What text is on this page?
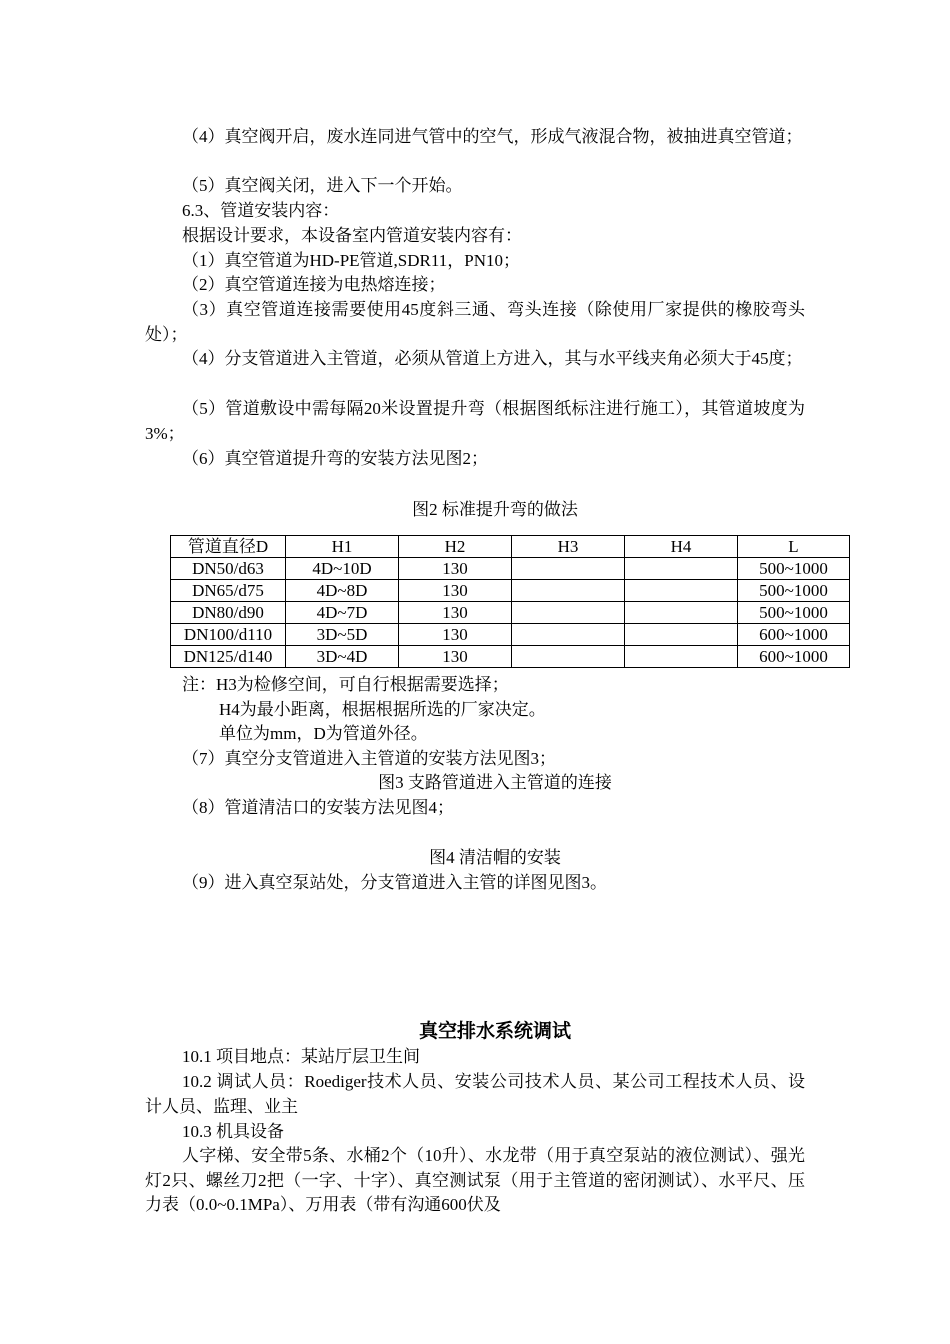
（4）真空阀开启，废水连同进气管中的空气，形成气液混合物，被抽进真空管道；

（5）真空阀关闭，进入下一个开始。
6.3、管道安装内容：
根据设计要求，本设备室内管道安装内容有：
（1）真空管道为HD-PE管道,SDR11，PN10；
（2）真空管道连接为电热熔连接；

（3）真空管道连接需要使用45度斜三通、弯头连接（除使用厂家提供的橡胶弯头处）；

（4）分支管道进入主管道，必须从管道上方进入，其与水平线夹角必须大于45度；

（5）管道敷设中需每隔20米设置提升弯（根据图纸标注进行施工），其管道坡度为3%；

（6）真空管道提升弯的安装方法见图2；
图2 标准提升弯的做法
管道直径D	H1	H2	H3	H4	L
DN50/d63	4D~10D	130			500~1000
DN65/d75	4D~8D	130			500~1000
DN80/d90	4D~7D	130			500~1000
DN100/d110	3D~5D	130			600~1000
DN125/d140	3D~4D	130			600~1000
注：H3为检修空间，可自行根据需要选择；
H4为最小距离，根据根据所选的厂家决定。
单位为mm，D为管道外径。
（7）真空分支管道进入主管道的安装方法见图3；
图3 支路管道进入主管道的连接
（8）管道清洁口的安装方法见图4；
图4 清洁帽的安装
（9）进入真空泵站处，分支管道进入主管的详图见图3。
真空排水系统调试
10.1 项目地点：某站厅层卫生间

10.2 调试人员：Roediger技术人员、安装公司技术人员、某公司工程技术人员、设计人员、监理、业主

10.3 机具设备

人字梯、安全带5条、水桶2个（10升）、水龙带（用于真空泵站的液位测试）、强光灯2只、螺丝刀2把（一字、十字）、真空测试泵（用于主管道的密闭测试）、水平尺、压力表（0.0~0.1MPa）、万用表（带有沟通600伏及
